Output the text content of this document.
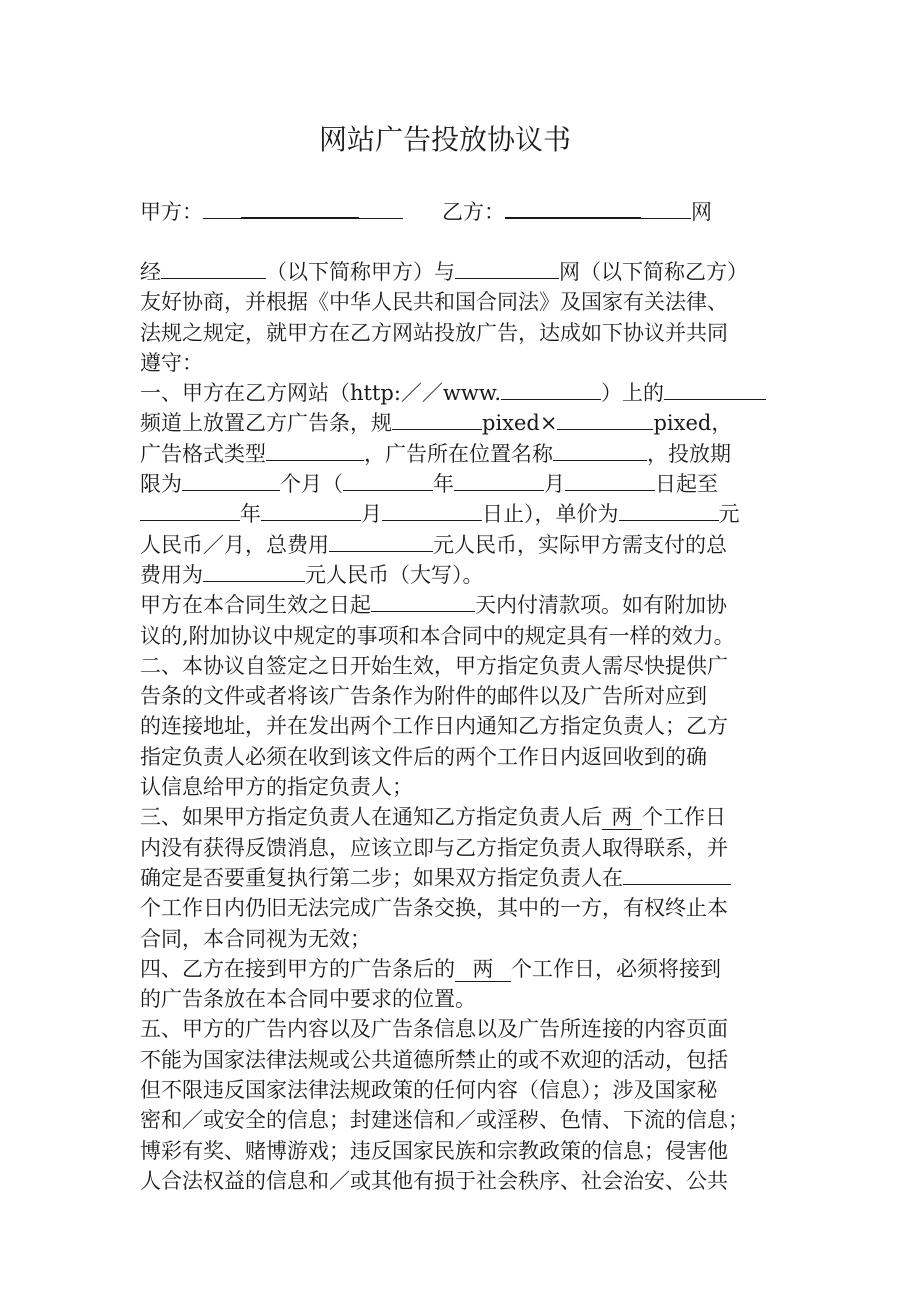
网站广告投放协议书
甲方：	乙方：	网
经	（以下简称甲方）与	网（以下简称乙方）
友好协商，并根据《中华人民共和国合同法》及国家有关法律、
法规之规定，就甲方在乙方网站投放广告，达成如下协议并共同
遵守：
一、甲方在乙方网站（http:／／www.	）上的
频道上放置乙方广告条，规	pixed×	pixed，
广告格式类型	，广告所在位置名称	，投放期
限为	个月（	年	月	日起至
年	月	日止），单价为	元
人民币／月，总费用	元人民币，实际甲方需支付的总
费用为	元人民币（大写）。
甲方在本合同生效之日起	天内付清款项。如有附加协
议的,附加协议中规定的事项和本合同中的规定具有一样的效力。
二、本协议自签定之日开始生效，甲方指定负责人需尽快提供广
告条的文件或者将该广告条作为附件的邮件以及广告所对应到
的连接地址，并在发出两个工作日内通知乙方指定负责人；乙方
指定负责人必须在收到该文件后的两个工作日内返回收到的确
认信息给甲方的指定负责人；
三、如果甲方指定负责人在通知乙方指定负责人后 两 个工作日
内没有获得反馈消息，应该立即与乙方指定负责人取得联系，并
确定是否要重复执行第二步；如果双方指定负责人在
个工作日内仍旧无法完成广告条交换，其中的一方，有权终止本
合同，本合同视为无效；
四、乙方在接到甲方的广告条后的 两 个工作日，必须将接到
的广告条放在本合同中要求的位置。
五、甲方的广告内容以及广告条信息以及广告所连接的内容页面
不能为国家法律法规或公共道德所禁止的或不欢迎的活动，包括
但不限违反国家法律法规政策的任何内容（信息）；涉及国家秘
密和／或安全的信息；封建迷信和／或淫秽、色情、下流的信息；
博彩有奖、赌博游戏；违反国家民族和宗教政策的信息；侵害他
人合法权益的信息和／或其他有损于社会秩序、社会治安、公共
